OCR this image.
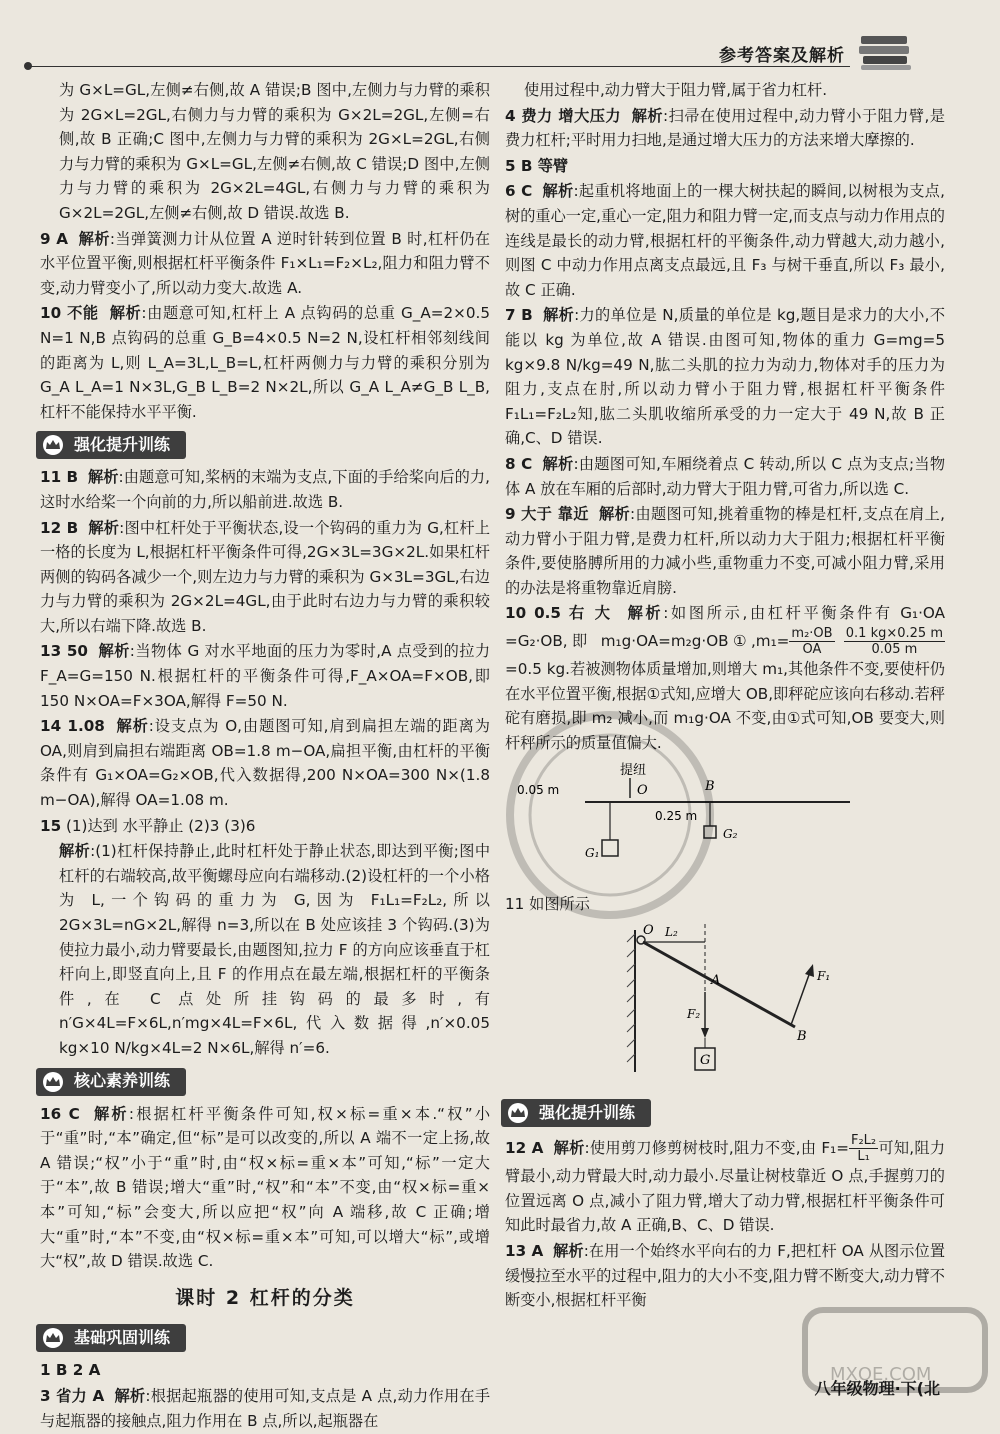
参考答案及解析

为 G×L=GL,左侧≠右侧,故 A 错误;B 图中,左侧力与力臂的乘积为 2G×L=2GL,右侧力与力臂的乘积为 G×2L=2GL,左侧=右侧,故 B 正确;C 图中,左侧力与力臂的乘积为 2G×L=2GL,右侧力与力臂的乘积为 G×L=GL,左侧≠右侧,故 C 错误;D 图中,左侧力与力臂的乘积为 2G×2L=4GL,右侧力与力臂的乘积为 G×2L=2GL,左侧≠右侧,故 D 错误.故选 B.

9 A 解析:当弹簧测力计从位置 A 逆时针转到位置 B 时,杠杆仍在水平位置平衡,则根据杠杆平衡条件 F₁×L₁=F₂×L₂,阻力和阻力臂不变,动力臂变小了,所以动力变大.故选 A.

10 不能 解析:由题意可知,杠杆上 A 点钩码的总重 G_A=2×0.5 N=1 N,B 点钩码的总重 G_B=4×0.5 N=2 N,设杠杆相邻刻线间的距离为 L,则 L_A=3L,L_B=L,杠杆两侧力与力臂的乘积分别为 G_A L_A=1 N×3L,G_B L_B=2 N×2L,所以 G_A L_A≠G_B L_B,杠杆不能保持水平平衡.

强化提升训练

11 B 解析:由题意可知,桨柄的末端为支点,下面的手给桨向后的力,这时水给桨一个向前的力,所以船前进.故选 B.

12 B 解析:图中杠杆处于平衡状态,设一个钩码的重力为 G,杠杆上一格的长度为 L,根据杠杆平衡条件可得,2G×3L=3G×2L.如果杠杆两侧的钩码各减少一个,则左边力与力臂的乘积为 G×3L=3GL,右边力与力臂的乘积为 2G×2L=4GL,由于此时右边力与力臂的乘积较大,所以右端下降.故选 B.

13 50 解析:当物体 G 对水平地面的压力为零时,A 点受到的拉力 F_A=G=150 N.根据杠杆的平衡条件可得,F_A×OA=F×OB,即 150 N×OA=F×3OA,解得 F=50 N.

14 1.08 解析:设支点为 O,由题图可知,肩到扁担左端的距离为 OA,则肩到扁担右端距离 OB=1.8 m−OA,扁担平衡,由杠杆的平衡条件有 G₁×OA=G₂×OB,代入数据得,200 N×OA=300 N×(1.8 m−OA),解得 OA=1.08 m.

15 (1)达到 水平静止 (2)3 (3)6

解析:(1)杠杆保持静止,此时杠杆处于静止状态,即达到平衡;图中杠杆的右端较高,故平衡螺母应向右端移动.(2)设杠杆的一个小格为 L,一个钩码的重力为 G,因为 F₁L₁=F₂L₂,所以 2G×3L=nG×2L,解得 n=3,所以在 B 处应该挂 3 个钩码.(3)为使拉力最小,动力臂要最长,由题图知,拉力 F 的方向应该垂直于杠杆向上,即竖直向上,且 F 的作用点在最左端,根据杠杆的平衡条件,在 C 点处所挂钩码的最多时,有 n′G×4L=F×6L,n′mg×4L=F×6L,代入数据得,n′×0.05 kg×10 N/kg×4L=2 N×6L,解得 n′=6.

核心素养训练

16 C 解析:根据杠杆平衡条件可知,权×标=重×本.“权”小于“重”时,“本”确定,但“标”是可以改变的,所以 A 端不一定上扬,故 A 错误;“权”小于“重”时,由“权×标=重×本”可知,“标”一定大于“本”,故 B 错误;增大“重”时,“权”和“本”不变,由“权×标=重×本”可知,“标”会变大,所以应把“权”向 A 端移,故 C 正确;增大“重”时,“本”不变,由“权×标=重×本”可知,可以增大“标”,或增大“权”,故 D 错误.故选 C.

课时 2 杠杆的分类
基础巩固训练

1 B 2 A

3 省力 A 解析:根据起瓶器的使用可知,支点是 A 点,动力作用在手与起瓶器的接触点,阻力作用在 B 点,所以,起瓶器在

使用过程中,动力臂大于阻力臂,属于省力杠杆.

4 费力 增大压力 解析:扫帚在使用过程中,动力臂小于阻力臂,是费力杠杆;平时用力扫地,是通过增大压力的方法来增大摩擦的.

5 B 等臂

6 C 解析:起重机将地面上的一棵大树扶起的瞬间,以树根为支点,树的重心一定,重心一定,阻力和阻力臂一定,而支点与动力作用点的连线是最长的动力臂,根据杠杆的平衡条件,动力臂越大,动力越小,则图 C 中动力作用点离支点最远,且 F₃ 与树干垂直,所以 F₃ 最小,故 C 正确.

7 B 解析:力的单位是 N,质量的单位是 kg,题目是求力的大小,不能以 kg 为单位,故 A 错误.由图可知,物体的重力 G=mg=5 kg×9.8 N/kg=49 N,肱二头肌的拉力为动力,物体对手的压力为阻力,支点在肘,所以动力臂小于阻力臂,根据杠杆平衡条件 F₁L₁=F₂L₂知,肱二头肌收缩所承受的力一定大于 49 N,故 B 正确,C、D 错误.

8 C 解析:由题图可知,车厢绕着点 C 转动,所以 C 点为支点;当物体 A 放在车厢的后部时,动力臂大于阻力臂,可省力,所以选 C.

9 大于 靠近 解析:由题图可知,挑着重物的棒是杠杆,支点在肩上,动力臂小于阻力臂,是费力杠杆,所以动力大于阻力;根据杠杆平衡条件,要使胳膊所用的力减小些,重物重力不变,可减小阻力臂,采用的办法是将重物靠近肩膀.

10 0.5 右 大 解析:如图所示,由杠杆平衡条件有 G₁·OA =G₂·OB,即 m₁g·OA=m₂g·OB①,m₁= $\frac{\text{m₂·OB}}{OA}$
$\frac{0.1 kg\times 0.25 m}{0.05 m}$
=0.5 kg.若被测物体质量增加,则增大 m₁,其他条件不变,要使杆仍在水平位置平衡,根据①式知,应增大 OB,即秤砣应该向右移动.若秤砣有磨损,即 m₂ 减小,而 m₁g·OA 不变,由①式可知,OB 要变大,则杆秤所示的质量值偏大.

提纽
0.05 m	O	B
G₁
G₂
0.25 m

11 如图所示

O L₂
A
F₂
G
F₁
B

强化提升训练

12 A 解析:使用剪刀修剪树枝时,阻力不变,由 $F_1= \frac{\text{F₂L₂}}{\text{L₁}}$ 可知,阻力臂最小,动力臂最大时,动力最小.尽量让树枝靠近 O 点,手握剪刀的位置远离 O 点,减小了阻力臂,增大了动力臂,根据杠杆平衡条件可知此时最省力,故 A 正确,B、C、D 错误.

13 A 解析:在用一个始终水平向右的力 F,把杠杆 OA 从图示位置缓慢拉至水平的过程中,阻力的大小不变,阻力臂不断变大,动力臂不断变小,根据杠杆平衡

八年级物理·下(北
MXQE.COM
